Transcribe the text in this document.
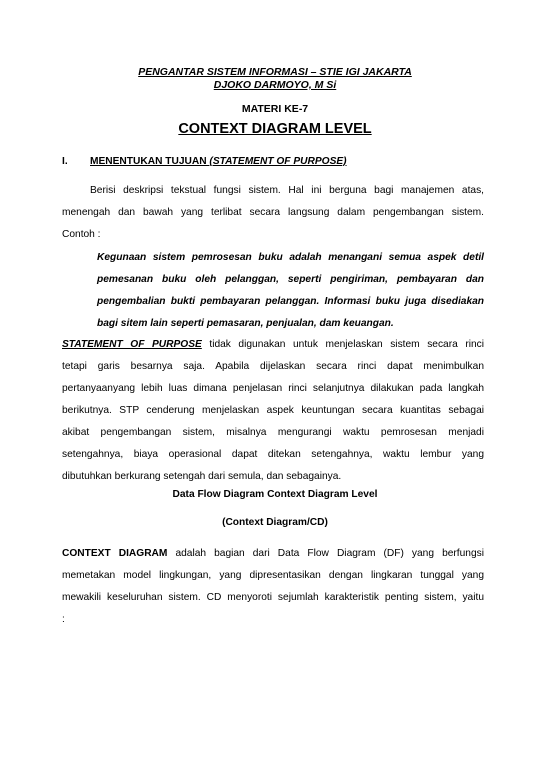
PENGANTAR SISTEM INFORMASI – STIE IGI JAKARTA
DJOKO DARMOYO, M Si
MATERI KE-7
CONTEXT DIAGRAM LEVEL
I. MENENTUKAN TUJUAN (STATEMENT OF PURPOSE)
Berisi deskripsi tekstual fungsi sistem. Hal ini berguna bagi manajemen atas,
menengah dan bawah yang terlibat secara langsung dalam pengembangan sistem.
Contoh :
Kegunaan sistem pemrosesan buku adalah menangani semua aspek detil
pemesanan buku oleh pelanggan, seperti pengiriman, pembayaran dan
pengembalian bukti pembayaran pelanggan. Informasi buku juga disediakan
bagi sitem lain seperti pemasaran, penjualan, dam keuangan.
STATEMENT OF PURPOSE tidak digunakan untuk menjelaskan sistem secara rinci
tetapi garis besarnya saja. Apabila dijelaskan secara rinci dapat menimbulkan
pertanyaanyang lebih luas dimana penjelasan rinci selanjutnya dilakukan pada langkah
berikutnya. STP cenderung menjelaskan aspek keuntungan secara kuantitas sebagai
akibat pengembangan sistem, misalnya mengurangi waktu pemrosesan menjadi
setengahnya, biaya operasional dapat ditekan setengahnya, waktu lembur yang
dibutuhkan berkurang setengah dari semula, dan sebagainya.
Data Flow Diagram Context Diagram Level
(Context Diagram/CD)
CONTEXT DIAGRAM adalah bagian dari Data Flow Diagram (DF) yang berfungsi
memetakan model lingkungan, yang dipresentasikan dengan lingkaran tunggal yang
mewakili keseluruhan sistem. CD menyoroti sejumlah karakteristik penting sistem, yaitu
:
